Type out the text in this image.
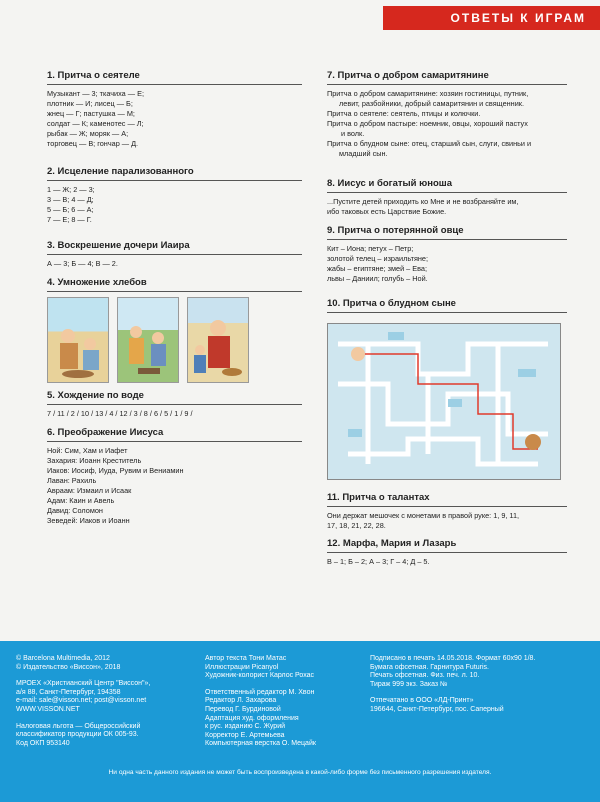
ОТВЕТЫ К ИГРАМ
1. Притча о сеятеле

Музыкант — 3; ткачиха — Е;

плотник — И; лисец — Б;

жнец — Г; пастушка — М;

солдат — К; каменотес — Л;

рыбак — Ж; моряк — А;

торговец — В; гончар — Д.

2. Исцеление парализованного

1 — Ж; 2 — 3;

3 — В; 4 — Д;

5 — Б; 6 — А;

7 — Е; 8 — Г.

3. Воскрешение дочери Иаира

А — 3; Б — 4; В — 2.

4. Умножение хлебов
5. Хождение по воде

7 / 11 / 2 / 10 / 13 / 4 / 12 / 3 / 8 / 6 / 5 / 1 / 9 /

6. Преображение Иисуса

Ной: Сим, Хам и Иафет

Захария: Иоанн Креститель

Иаков: Иосиф, Иуда, Рувим и Вениамин

Лаван: Рахиль

Авраам: Измаил и Исаак

Адам: Каин и Авель

Давид: Соломон

Зеведей: Иаков и Иоанн

7. Притча о добром самаритянине

Притча о добром самаритянине: хозяин гостиницы, путник,

левит, разбойники, добрый самаритянин и священник.

Притча о сеятеле: сеятель, птицы и колючки.

Притча о добром пастыре: ноемник, овцы, хороший пастух

и волк.

Притча о блудном сыне: отец, старший сын, слуги, свиньи и

младший сын.

8. Иисус и богатый юноша

...Пустите детей приходить ко Мне и не возбраняйте им,

ибо таковых есть Царствие Божие.

9. Притча о потерянной овце

Кит – Иона; петух – Петр;

золотой телец – израильтяне;

жабы – египтяне; змей – Ева;

львы – Даниил; голубь – Ной.

10. Притча о блудном сыне
11. Притча о талантах

Они держат мешочек с монетами в правой руке: 1, 9, 11,

17, 18, 21, 22, 28.

12. Марфа, Мария и Лазарь

В – 1; Б – 2; А – 3; Г – 4; Д – 5.

© Barcelona Multimedia, 2012

© Издательство «Виссон», 2018

МРОЕХ «Христианский Центр "Виссон"»,

а/я 88, Санкт-Петербург, 194358

e-mail: sale@visson.net; post@visson.net

WWW.VISSON.NET

Налоговая льгота — Общероссийский

классификатор продукции ОК 005-93.

Код ОКП 953140

Автор текста Тони Матас

Иллюстрации Picanyol

Художник-колорист Карлос Рохас

Ответственный редактор М. Хвон

Редактор Л. Захарова

Перевод Г. Бурдиновой

Адаптация худ. оформления

к рус. изданию С. Журий

Корректор Е. Артемьева

Компьютерная верстка О. Мецайк

Подписано в печать 14.05.2018. Формат 60x90 1/8.

Бумага офсетная. Гарнитура Futuris.

Печать офсетная. Физ. печ. л. 10.

Тираж 999 экз. Заказ №

Отпечатано в ООО «ЛД-Принт»

196644, Санкт-Петербург, пос. Саперный

Ни одна часть данного издания не может быть воспроизведена в какой-либо форме без письменного разрешения издателя.
